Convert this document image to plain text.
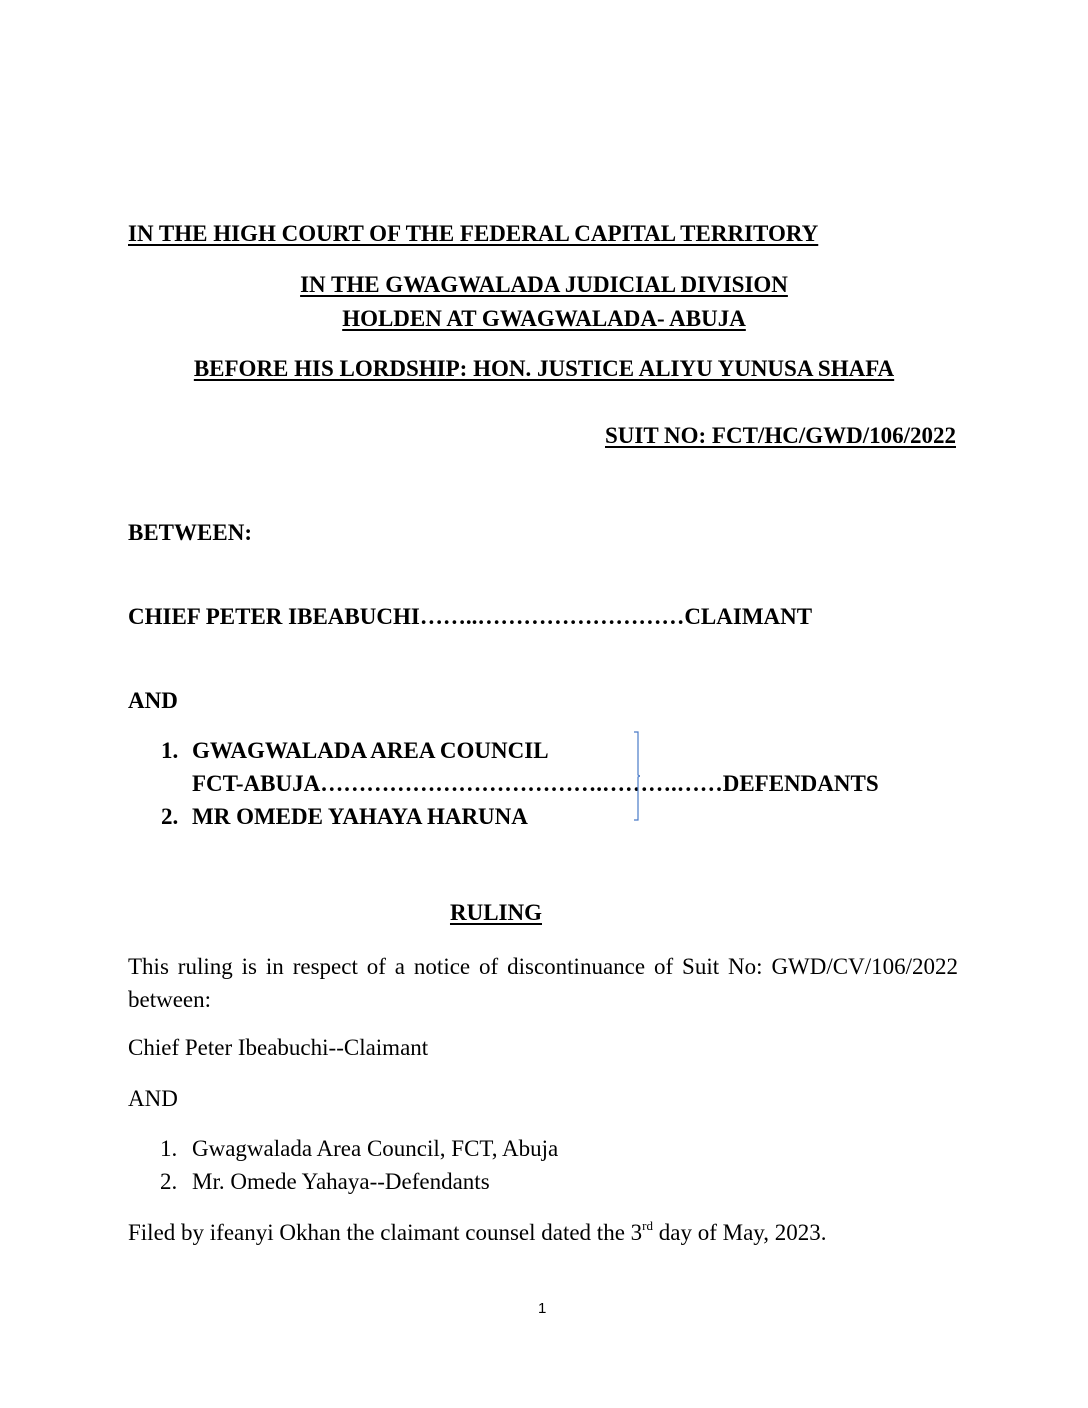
IN THE HIGH COURT OF THE FEDERAL CAPITAL TERRITORY
IN THE GWAGWALADA JUDICIAL DIVISION
HOLDEN AT GWAGWALADA- ABUJA
BEFORE HIS LORDSHIP: HON. JUSTICE ALIYU YUNUSA SHAFA
SUIT NO: FCT/HC/GWD/106/2022
BETWEEN:
CHIEF PETER IBEABUCHI……..………………………CLAIMANT
AND
1. GWAGWALADA AREA COUNCIL
FCT-ABUJA……………………………….……….……DEFENDANTS
2. MR OMEDE YAHAYA HARUNA
RULING
This ruling is in respect of a notice of discontinuance of Suit No: GWD/CV/106/2022 between:
Chief Peter Ibeabuchi--Claimant
AND
1. Gwagwalada Area Council, FCT, Abuja
2. Mr. Omede Yahaya--Defendants
Filed by ifeanyi Okhan the claimant counsel dated the 3rd day of May, 2023.
1
